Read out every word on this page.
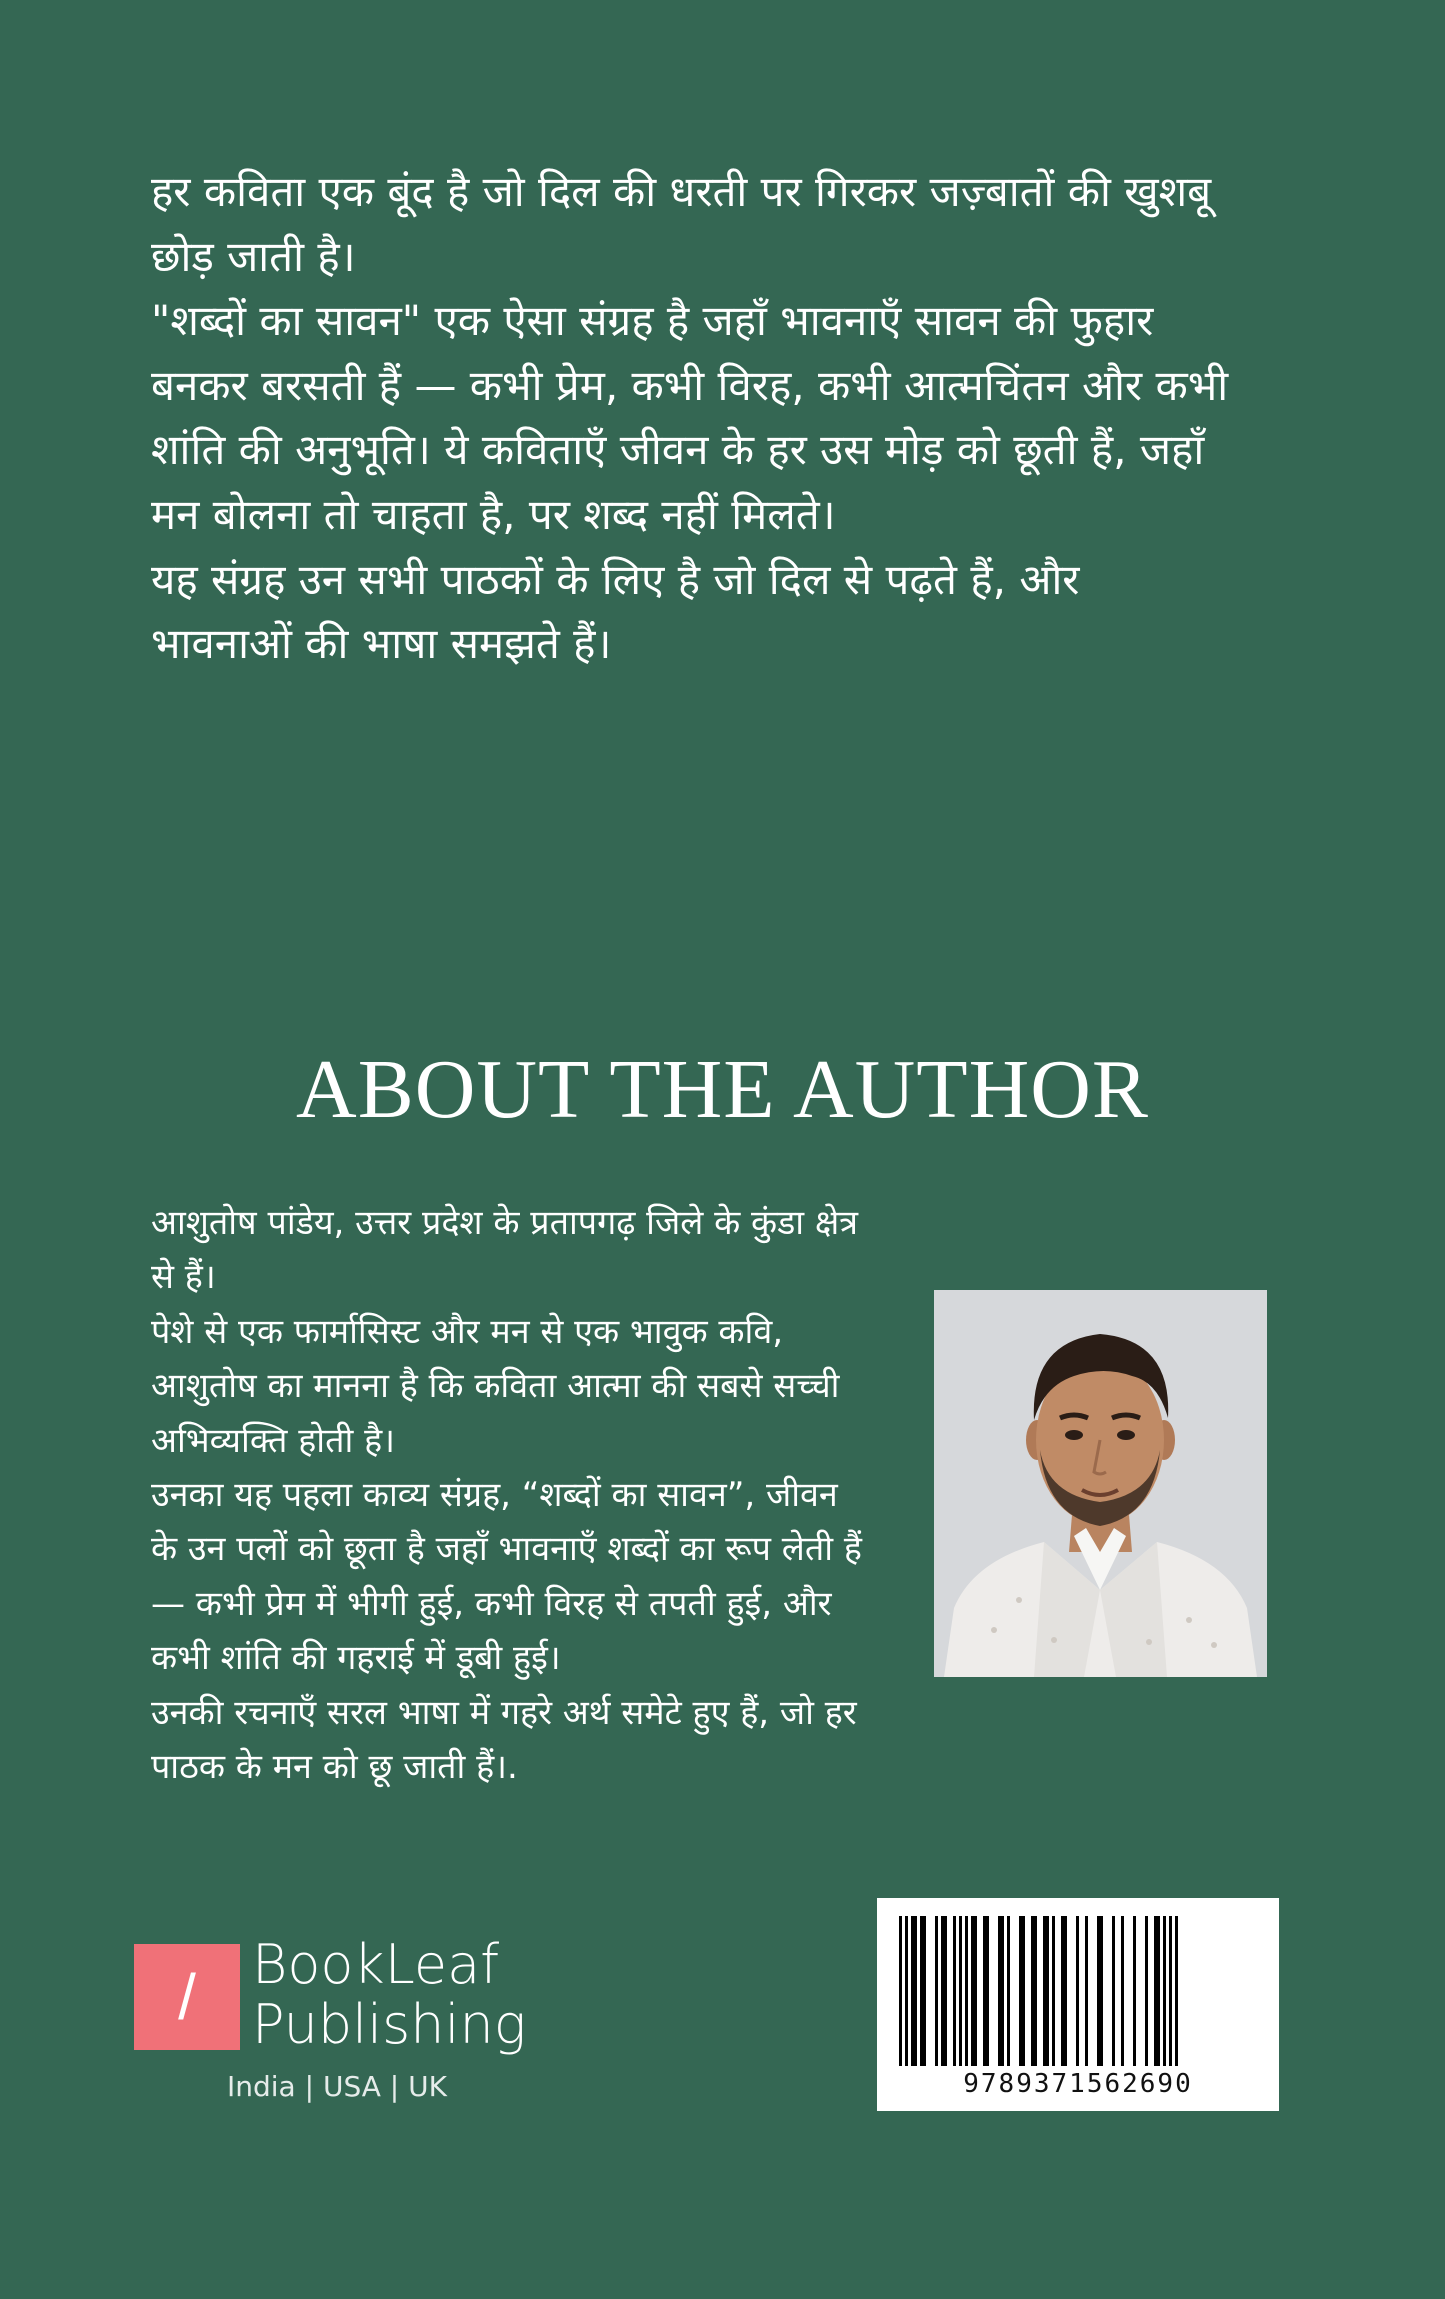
हर कविता एक बूंद है जो दिल की धरती पर गिरकर जज़्बातों की खुशबू छोड़ जाती है।

"शब्दों का सावन" एक ऐसा संग्रह है जहाँ भावनाएँ सावन की फुहार बनकर बरसती हैं — कभी प्रेम, कभी विरह, कभी आत्मचिंतन और कभी शांति की अनुभूति। ये कविताएँ जीवन के हर उस मोड़ को छूती हैं, जहाँ मन बोलना तो चाहता है, पर शब्द नहीं मिलते।

यह संग्रह उन सभी पाठकों के लिए है जो दिल से पढ़ते हैं, और भावनाओं की भाषा समझते हैं।

ABOUT THE AUTHOR

आशुतोष पांडेय, उत्तर प्रदेश के प्रतापगढ़ जिले के कुंडा क्षेत्र से हैं।

पेशे से एक फार्मासिस्ट और मन से एक भावुक कवि, आशुतोष का मानना है कि कविता आत्मा की सबसे सच्ची अभिव्यक्ति होती है।

उनका यह पहला काव्य संग्रह, “शब्दों का सावन”, जीवन के उन पलों को छूता है जहाँ भावनाएँ शब्दों का रूप लेती हैं — कभी प्रेम में भीगी हुई, कभी विरह से तपती हुई, और कभी शांति की गहराई में डूबी हुई।

उनकी रचनाएँ सरल भाषा में गहरे अर्थ समेटे हुए हैं, जो हर पाठक के मन को छू जाती हैं।.

/ BookLeaf
Publishing
India | USA | UK	9789371562690
